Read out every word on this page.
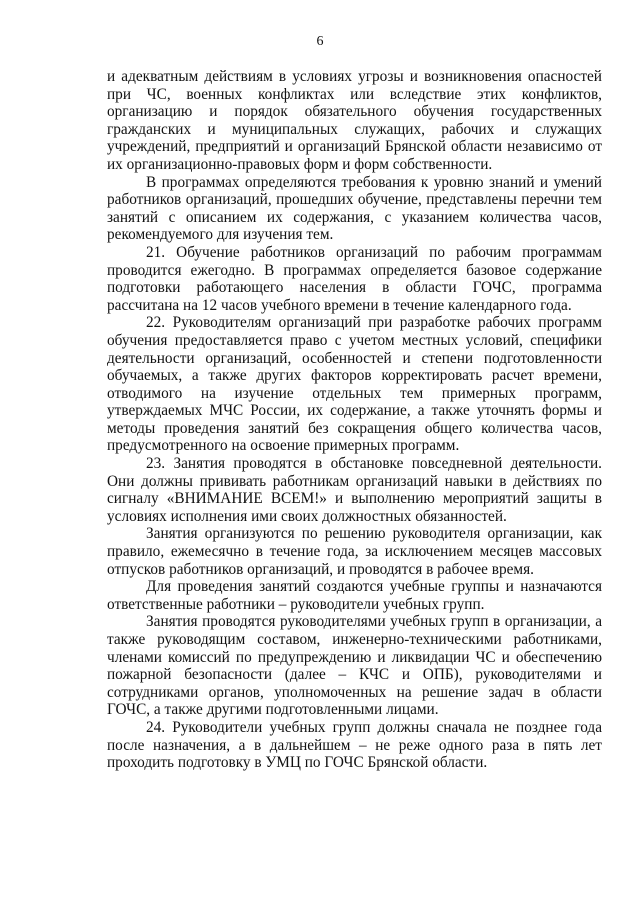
6

и адекватным действиям в условиях угрозы и возникновения опасностей при ЧС, военных конфликтах или вследствие этих конфликтов, организацию и порядок обязательного обучения государственных гражданских и муниципальных служащих, рабочих и служащих учреждений, предприятий и организаций Брянской области независимо от их организационно-правовых форм и форм собственности.

В программах определяются требования к уровню знаний и умений работников организаций, прошедших обучение, представлены перечни тем занятий с описанием их содержания, с указанием количества часов, рекомендуемого для изучения тем.

21. Обучение работников организаций по рабочим программам проводится ежегодно. В программах определяется базовое содержание подготовки работающего населения в области ГОЧС, программа рассчитана на 12 часов учебного времени в течение календарного года.

22. Руководителям организаций при разработке рабочих программ обучения предоставляется право с учетом местных условий, специфики деятельности организаций, особенностей и степени подготовленности обучаемых, а также других факторов корректировать расчет времени, отводимого на изучение отдельных тем примерных программ, утверждаемых МЧС России, их содержание, а также уточнять формы и методы проведения занятий без сокращения общего количества часов, предусмотренного на освоение примерных программ.

23. Занятия проводятся в обстановке повседневной деятельности. Они должны прививать работникам организаций навыки в действиях по сигналу «ВНИМАНИЕ ВСЕМ!» и выполнению мероприятий защиты в условиях исполнения ими своих должностных обязанностей.

Занятия организуются по решению руководителя организации, как правило, ежемесячно в течение года, за исключением месяцев массовых отпусков работников организаций, и проводятся в рабочее время.

Для проведения занятий создаются учебные группы и назначаются ответственные работники – руководители учебных групп.

Занятия проводятся руководителями учебных групп в организации, а также руководящим составом, инженерно-техническими работниками, членами комиссий по предупреждению и ликвидации ЧС и обеспечению пожарной безопасности (далее – КЧС и ОПБ), руководителями и сотрудниками органов, уполномоченных на решение задач в области ГОЧС, а также другими подготовленными лицами.

24. Руководители учебных групп должны сначала не позднее года после назначения, а в дальнейшем – не реже одного раза в пять лет проходить подготовку в УМЦ по ГОЧС Брянской области.
